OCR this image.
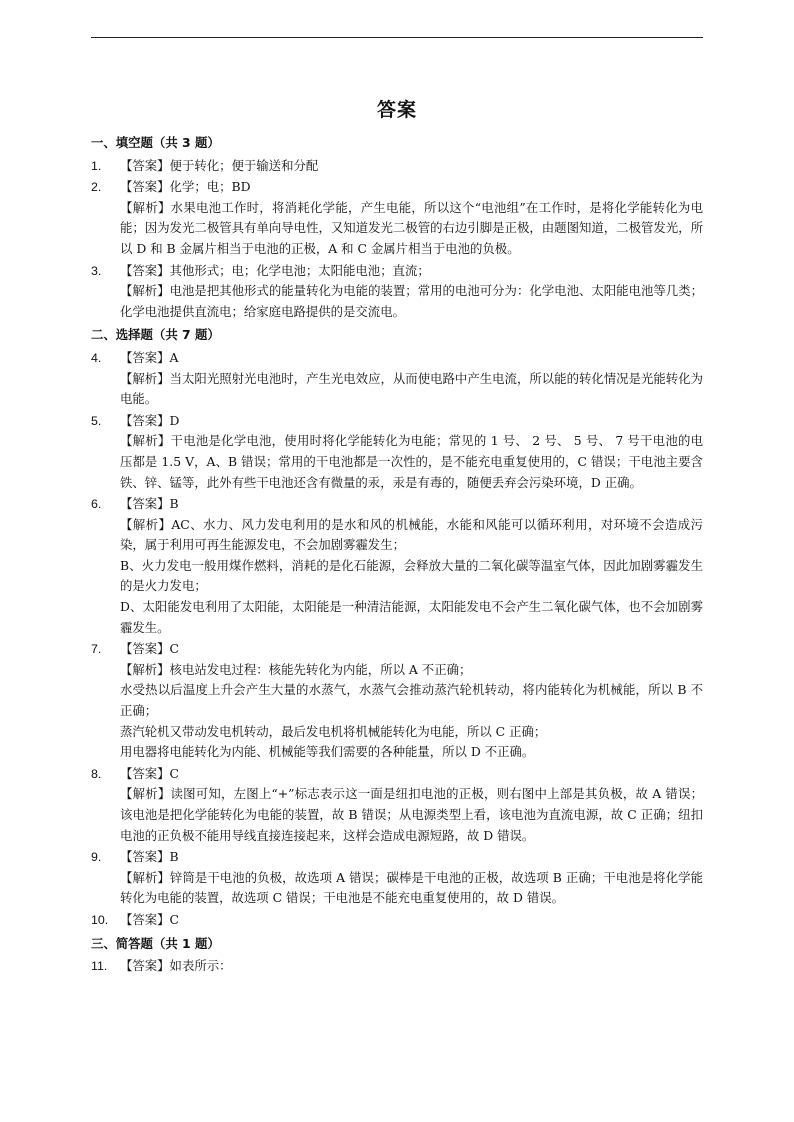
答案
一、填空题（共 3 题）
1.	【答案】便于转化；便于输送和分配
2.	【答案】化学；电；BD
【解析】水果电池工作时，将消耗化学能，产生电能，所以这个“电池组”在工作时，是将化学能转化为电能；因为发光二极管具有单向导电性，又知道发光二极管的右边引脚是正极，由题图知道，二极管发光，所以 D 和 B 金属片相当于电池的正极，A 和 C 金属片相当于电池的负极。
3.	【答案】其他形式；电；化学电池；太阳能电池；直流；
【解析】电池是把其他形式的能量转化为电能的装置；常用的电池可分为：化学电池、太阳能电池等几类；化学电池提供直流电；给家庭电路提供的是交流电。
二、选择题（共 7 题）
4.	【答案】A
【解析】当太阳光照射光电池时，产生光电效应，从而使电路中产生电流，所以能的转化情况是光能转化为电能。
5.	【答案】D
【解析】干电池是化学电池，使用时将化学能转化为电能；常见的 1 号、 2 号、 5 号、 7 号干电池的电压都是 1.5 V，A、B 错误；常用的干电池都是一次性的，是不能充电重复使用的，C 错误；干电池主要含铁、锌、锰等，此外有些干电池还含有微量的汞，汞是有毒的，随便丢弃会污染环境，D 正确。
6.	【答案】B
【解析】AC、水力、风力发电利用的是水和风的机械能，水能和风能可以循环利用，对环境不会造成污染，属于利用可再生能源发电，不会加剧雾霾发生；
B、火力发电一般用煤作燃料，消耗的是化石能源，会释放大量的二氧化碳等温室气体，因此加剧雾霾发生的是火力发电；
D、太阳能发电利用了太阳能，太阳能是一种清洁能源，太阳能发电不会产生二氧化碳气体，也不会加剧雾霾发生。
7.	【答案】C
【解析】核电站发电过程：核能先转化为内能，所以 A 不正确；
水受热以后温度上升会产生大量的水蒸气，水蒸气会推动蒸汽轮机转动，将内能转化为机械能，所以 B 不正确；
蒸汽轮机又带动发电机转动，最后发电机将机械能转化为电能，所以 C 正确；
用电器将电能转化为内能、机械能等我们需要的各种能量，所以 D 不正确。
8.	【答案】C
【解析】读图可知，左图上“+”标志表示这一面是纽扣电池的正极，则右图中上部是其负极，故 A 错误；该电池是把化学能转化为电能的装置，故 B 错误；从电源类型上看，该电池为直流电源，故 C 正确；纽扣电池的正负极不能用导线直接连接起来，这样会造成电源短路，故 D 错误。
9.	【答案】B
【解析】锌筒是干电池的负极，故选项 A 错误；碳棒是干电池的正极，故选项 B 正确；干电池是将化学能转化为电能的装置，故选项 C 错误；干电池是不能充电重复使用的，故 D 错误。
10. 【答案】C
三、简答题（共 1 题）
11.	【答案】如表所示：
